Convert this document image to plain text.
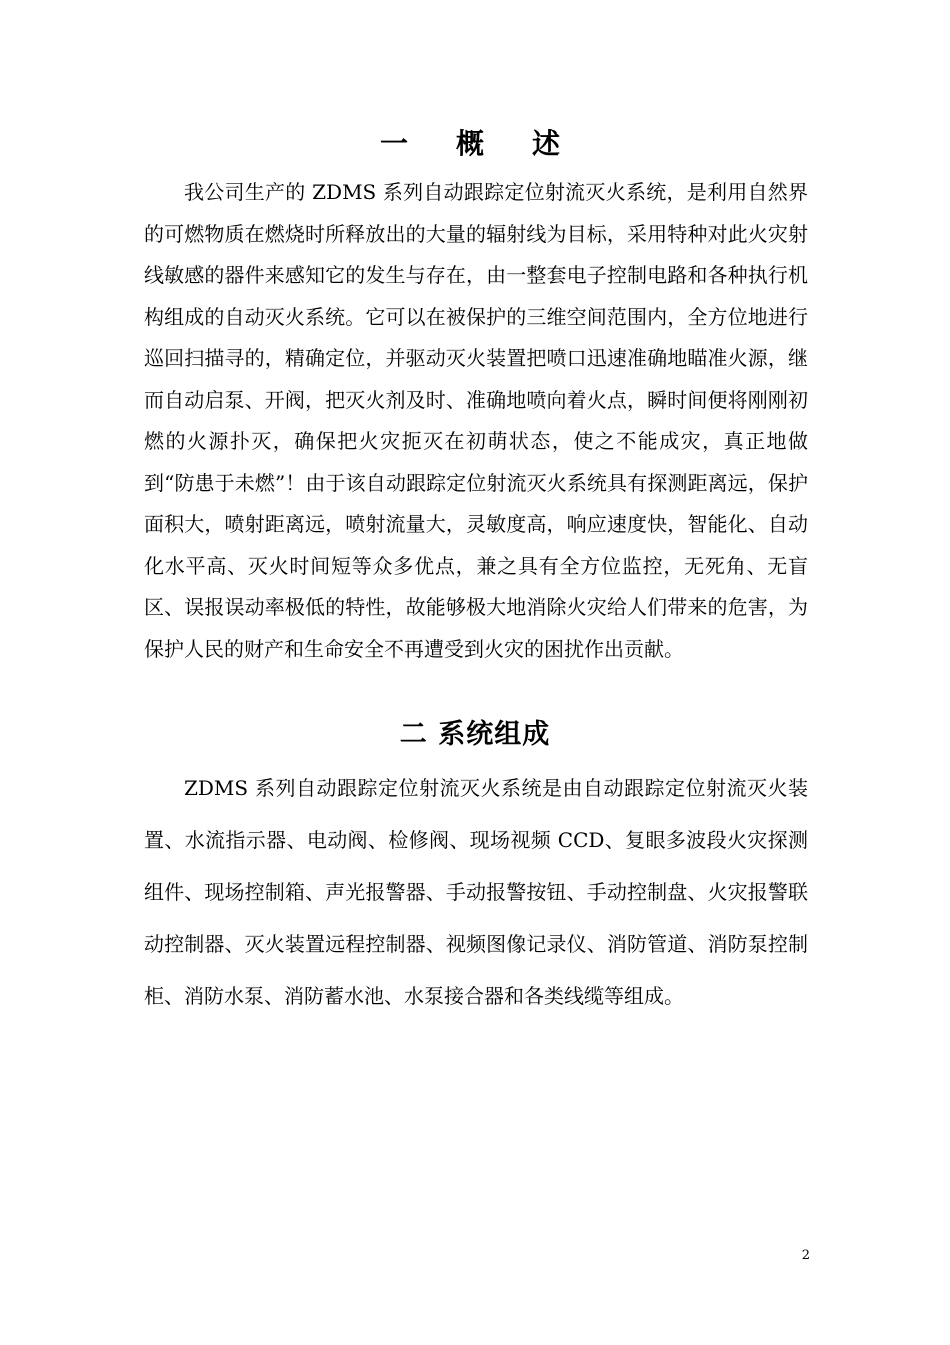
一　概　述

我公司生产的 ZDMS 系列自动跟踪定位射流灭火系统，是利用自然界的可燃物质在燃烧时所释放出的大量的辐射线为目标，采用特种对此火灾射线敏感的器件来感知它的发生与存在，由一整套电子控制电路和各种执行机构组成的自动灭火系统。它可以在被保护的三维空间范围内，全方位地进行巡回扫描寻的，精确定位，并驱动灭火装置把喷口迅速准确地瞄准火源，继而自动启泵、开阀，把灭火剂及时、准确地喷向着火点，瞬时间便将刚刚初燃的火源扑灭，确保把火灾扼灭在初萌状态，使之不能成灾，真正地做到“防患于未燃”！由于该自动跟踪定位射流灭火系统具有探测距离远，保护面积大，喷射距离远，喷射流量大，灵敏度高，响应速度快，智能化、自动化水平高、灭火时间短等众多优点，兼之具有全方位监控，无死角、无盲区、误报误动率极低的特性，故能够极大地消除火灾给人们带来的危害，为保护人民的财产和生命安全不再遭受到火灾的困扰作出贡献。

二 系统组成

ZDMS 系列自动跟踪定位射流灭火系统是由自动跟踪定位射流灭火装置、水流指示器、电动阀、检修阀、现场视频 CCD、复眼多波段火灾探测组件、现场控制箱、声光报警器、手动报警按钮、手动控制盘、火灾报警联动控制器、灭火装置远程控制器、视频图像记录仪、消防管道、消防泵控制柜、消防水泵、消防蓄水池、水泵接合器和各类线缆等组成。

2
